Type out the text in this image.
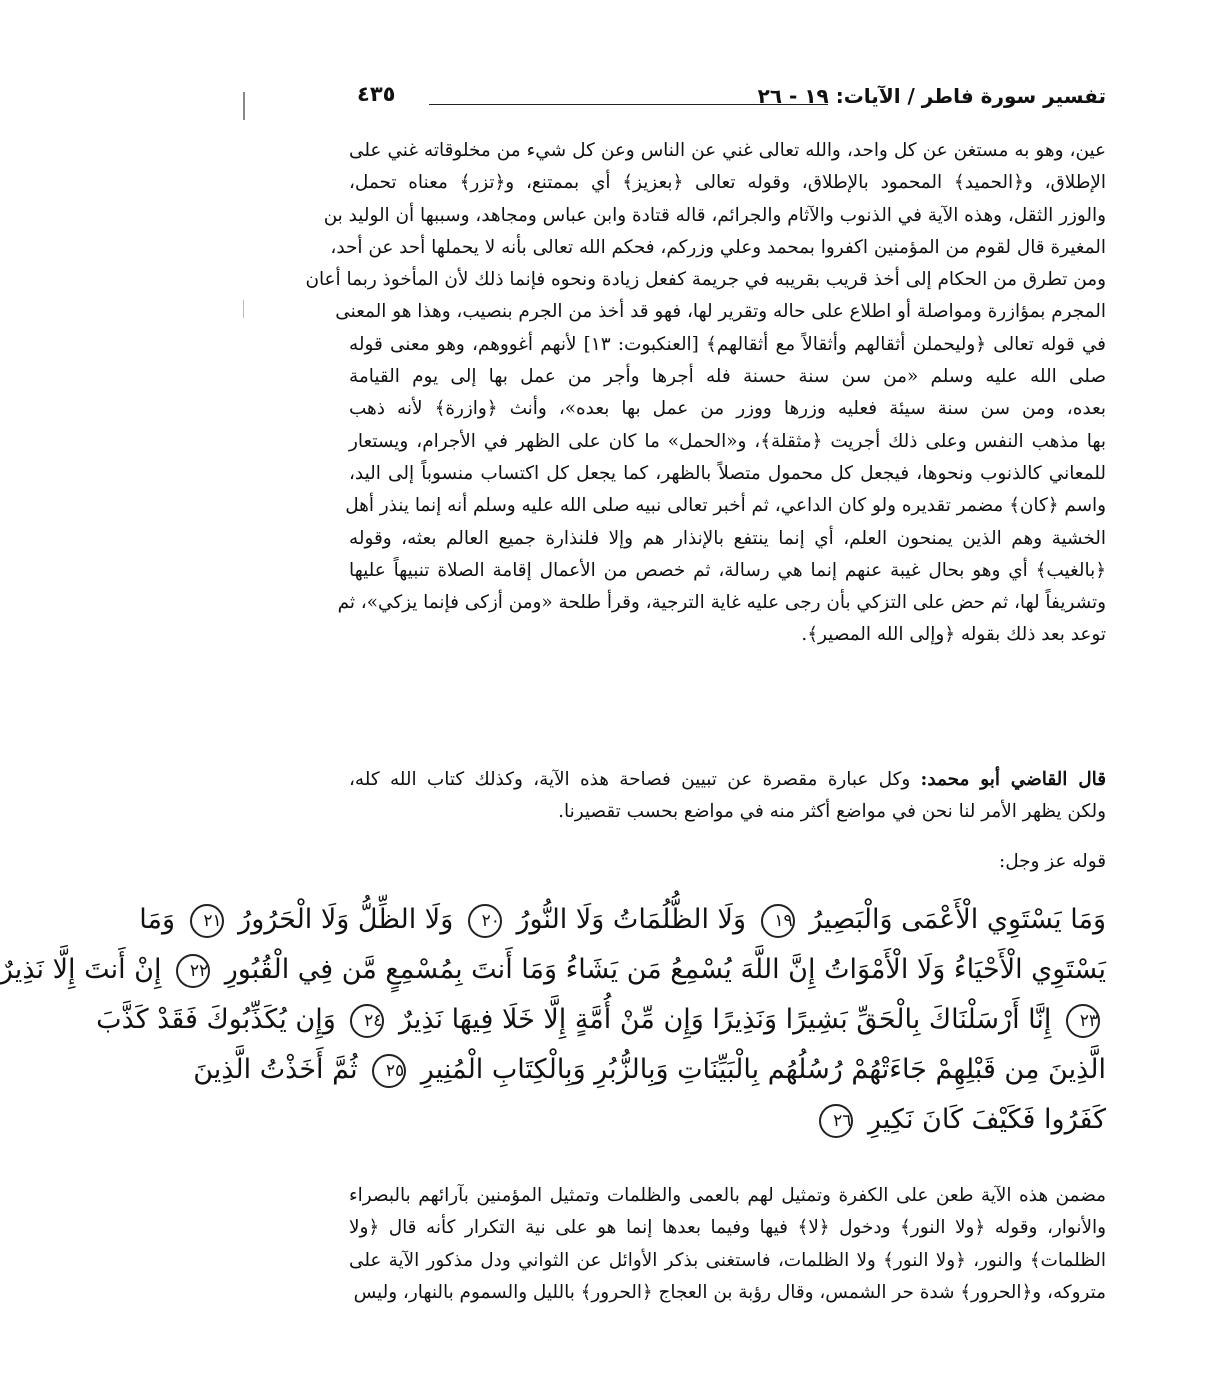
تفسير سورة فاطر / الآيات: ١٩ - ٢٦
٤٣٥
عين، وهو به مستغن عن كل واحد، والله تعالى غني عن الناس وعن كل شيء من مخلوقاته غني على
الإطلاق، و﴿الحميد﴾ المحمود بالإطلاق، وقوله تعالى ﴿بعزيز﴾ أي بممتنع، و﴿تزر﴾ معناه تحمل،
والوزر الثقل، وهذه الآية في الذنوب والآثام والجرائم، قاله قتادة وابن عباس ومجاهد، وسببها أن الوليد بن
المغيرة قال لقوم من المؤمنين اكفروا بمحمد وعلي وزركم، فحكم الله تعالى بأنه لا يحملها أحد عن أحد،
ومن تطرق من الحكام إلى أخذ قريب بقريبه في جريمة كفعل زيادة ونحوه فإنما ذلك لأن المأخوذ ربما أعان
المجرم بمؤازرة ومواصلة أو اطلاع على حاله وتقرير لها، فهو قد أخذ من الجرم بنصيب، وهذا هو المعنى
في قوله تعالى ﴿وليحملن أثقالهم وأثقالاً مع أثقالهم﴾ [العنكبوت: ١٣] لأنهم أغووهم، وهو معنى قوله
صلى الله عليه وسلم «من سن سنة حسنة فله أجرها وأجر من عمل بها إلى يوم القيامة
بعده، ومن سن سنة سيئة فعليه وزرها ووزر من عمل بها بعده»، وأنث ﴿وازرة﴾ لأنه ذهب
بها مذهب النفس وعلى ذلك أجريت ﴿مثقلة﴾، و«الحمل» ما كان على الظهر في الأجرام، ويستعار
للمعاني كالذنوب ونحوها، فيجعل كل محمول متصلاً بالظهر، كما يجعل كل اكتساب منسوباً إلى اليد،
واسم ﴿كان﴾ مضمر تقديره ولو كان الداعي، ثم أخبر تعالى نبيه صلى الله عليه وسلم أنه إنما ينذر أهل
الخشية وهم الذين يمنحون العلم، أي إنما ينتفع بالإنذار هم وإلا فلنذارة جميع العالم بعثه، وقوله
﴿بالغيب﴾ أي وهو بحال غيبة عنهم إنما هي رسالة، ثم خصص من الأعمال إقامة الصلاة تنبيهاً عليها
وتشريفاً لها، ثم حض على التزكي بأن رجى عليه غاية الترجية، وقرأ طلحة «ومن أزكى فإنما يزكي»، ثم
توعد بعد ذلك بقوله ﴿وإلى الله المصير﴾.
قال القاضي أبو محمد: وكل عبارة مقصرة عن تبيين فصاحة هذه الآية، وكذلك كتاب الله كله،
ولكن يظهر الأمر لنا نحن في مواضع أكثر منه في مواضع بحسب تقصيرنا.
قوله عز وجل:
وَمَا يَسْتَوِي الْأَعْمَى وَالْبَصِيرُ ١٩ وَلَا الظُّلُمَاتُ وَلَا النُّورُ ٢٠ وَلَا الظِّلُّ وَلَا الْحَرُورُ ٢١ وَمَا
يَسْتَوِي الْأَحْيَاءُ وَلَا الْأَمْوَاتُ إِنَّ اللَّهَ يُسْمِعُ مَن يَشَاءُ وَمَا أَنتَ بِمُسْمِعٍ مَّن فِي الْقُبُورِ ٢٢ إِنْ أَنتَ إِلَّا نَذِيرٌ
٢٣ إِنَّا أَرْسَلْنَاكَ بِالْحَقِّ بَشِيرًا وَنَذِيرًا وَإِن مِّنْ أُمَّةٍ إِلَّا خَلَا فِيهَا نَذِيرٌ ٢٤ وَإِن يُكَذِّبُوكَ فَقَدْ كَذَّبَ
الَّذِينَ مِن قَبْلِهِمْ جَاءَتْهُمْ رُسُلُهُم بِالْبَيِّنَاتِ وَبِالزُّبُرِ وَبِالْكِتَابِ الْمُنِيرِ ٢٥ ثُمَّ أَخَذْتُ الَّذِينَ
كَفَرُوا فَكَيْفَ كَانَ نَكِيرِ ٢٦
مضمن هذه الآية طعن على الكفرة وتمثيل لهم بالعمى والظلمات وتمثيل المؤمنين بآرائهم بالبصراء
والأنوار، وقوله ﴿ولا النور﴾ ودخول ﴿لا﴾ فيها وفيما بعدها إنما هو على نية التكرار كأنه قال ﴿ولا
الظلمات﴾ والنور، ﴿ولا النور﴾ ولا الظلمات، فاستغنى بذكر الأوائل عن الثواني ودل مذكور الآية على
متروكه، و﴿الحرور﴾ شدة حر الشمس، وقال رؤبة بن العجاج ﴿الحرور﴾ بالليل والسموم بالنهار، وليس
